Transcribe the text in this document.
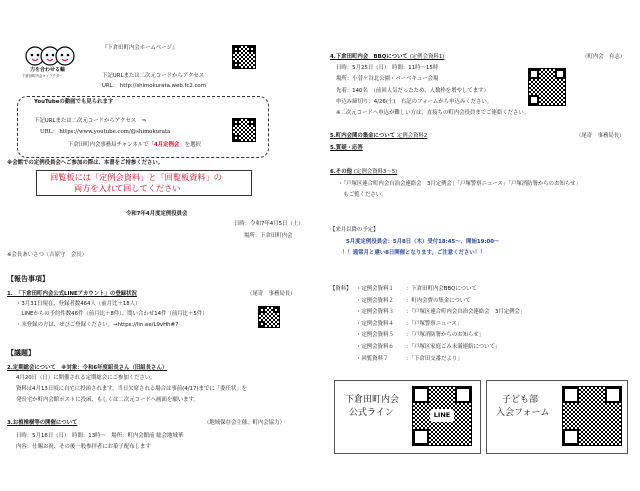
力を合わせる輪
下倉田町内会キャラクター
『下倉田町内会ホームページ』
下記URLまたは二次元コードからアクセス
URL： http://shimokurata.web.fc2.com
YouTubeの動画でも見られます
下記URLまたは二次元コードからアクセス　⇒
URL:　https://www.youtube.com/@shimokurata
下倉田町内会事務局チャンネルで「4月定例会」を選択
※会館での定例役員会へご参加の際は、本書をご持参ください。
回覧板には「定例会資料」と「回覧板資料」の
両方を入れて回してください
令和7年4月度定例役員会
日時：令和7年4月5日（土）
場所：下倉田町内会
※会長あいさつ（吉原守　会長）
【報告事項】
1.　「下倉田町内会公式LINEアカウント」の登録状況	（尾嵜　事務局長）
・3月31日現在、登録者数464人（前月比＋18人）
　LINEからの予約件数46件（前月比＋8件）、問い合わせ14件（前月比＋5件）
・未登録の方は、ぜひご登録ください。→https://lin.ee/L9vHh#7
【議題】
2.定期総会について　※対象：令和6年度組長さん（旧組長さん）
4月20日（日）に開催される定期総会にご参加ください。
資料は4月13日頃に自宅に投函されます。当日欠席される場合は事前(4/17)までに「委任状」を
発長宅か町内会館ポストに投函、もしくは二次元コードへ画面を願います。
3.お植椎樹等の開催について	（地域保存会主催、町内会協力）
日時：5月18日（日）　時間：13時〜　場所：町内会館前 総会地域華
内容：仕賜お祝、その後一般参拝者にお菓子配布します
4.下倉田町内会　BBQについて (定例会資料1)	（町内会　有志）
日時：5月25日（日）　時間：11時〜15時
場所：小菅ケ谷北公園・バーベキュー会場
先着：140名　（前回人気だったため、人数枠を増やしてます）
申込み締切り：4/26(土)　右記のフォームから申込みください。
※二次元コードへ申込が難しい方は、直接ちの町内会役員までご連絡ください。
5.町内会関の集金について 定例会資料2	（尾嵜　事務局長）
5.質疑・応答
6.その他 (定例会資料3〜5)
・「戸塚区連合町内会自治会連絡会　3月定例会」「戸塚警察ニュース」「戸塚消防署からのお知らせ」
　もご覧ください。
【来月以降の予定】
5月度定例役員会：5月8日（木）受付18:45〜、開始19:00〜
！！通常月と違い8日開催となります。ご注意ください！！
【資料】 ・定例会資料１ ：下倉田町内会BBQについて
・定例会資料２ ：町内会費の集金について
・定例会資料３ ：「戸塚区連合町内会自治会連絡会　3月定例会」
・定例会資料４ ：「戸塚警察ニュース」
・定例会資料５ ：「戸塚消防署からのお知らせ」
・定例会資料６ ：「戸塚区家庭ごみ未満連絡について」
・回覧資料７	：「下倉田交番だより」
下倉田町内会
公式ライン	LINE
子ども部
入会フォーム
